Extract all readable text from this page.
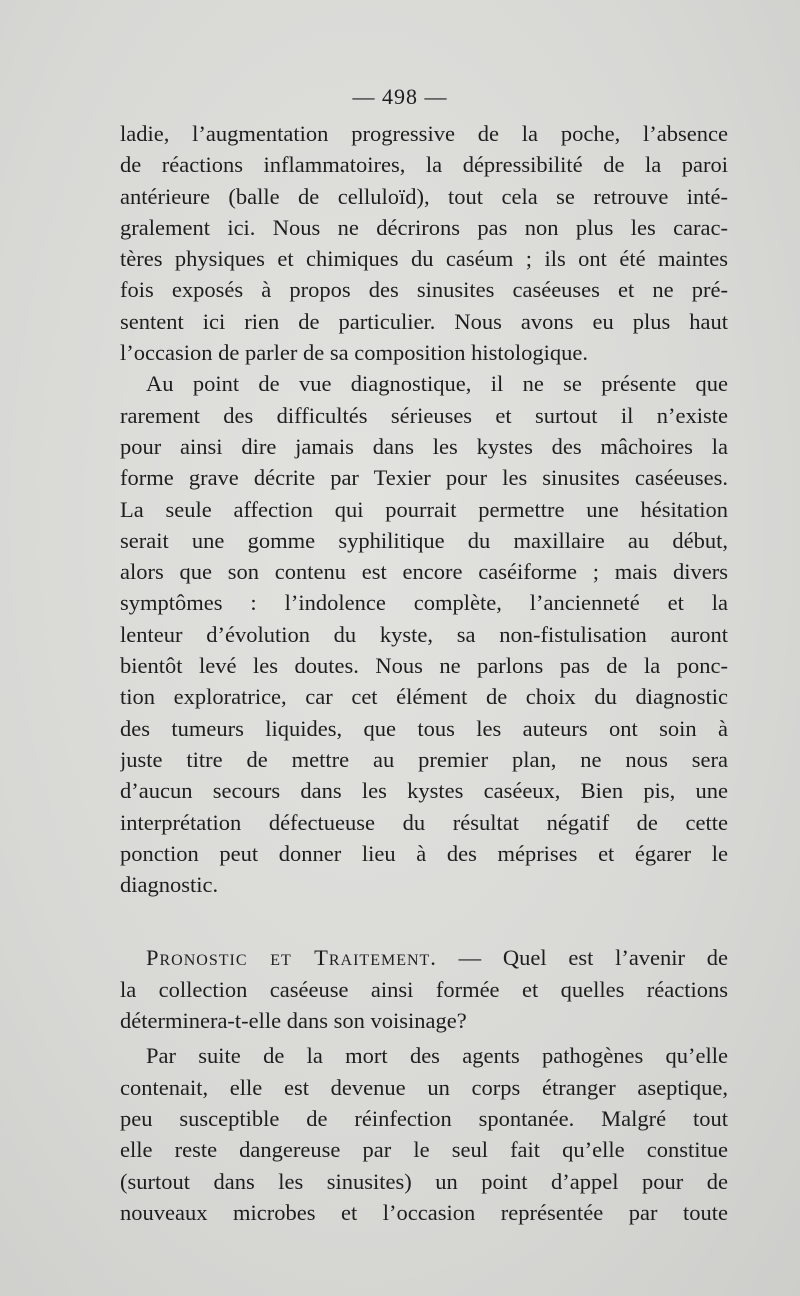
— 498 —
ladie, l’augmentation progressive de la poche, l’absence
de réactions inflammatoires, la dépressibilité de la paroi
antérieure (balle de celluloïd), tout cela se retrouve inté-
gralement ici. Nous ne décrirons pas non plus les carac-
tères physiques et chimiques du caséum ; ils ont été maintes
fois exposés à propos des sinusites caséeuses et ne pré-
sentent ici rien de particulier. Nous avons eu plus haut
l’occasion de parler de sa composition histologique.
Au point de vue diagnostique, il ne se présente que
rarement des difficultés sérieuses et surtout il n’existe
pour ainsi dire jamais dans les kystes des mâchoires la
forme grave décrite par Texier pour les sinusites caséeuses.
La seule affection qui pourrait permettre une hésitation
serait une gomme syphilitique du maxillaire au début,
alors que son contenu est encore caséiforme ; mais divers
symptômes : l’indolence complète, l’ancienneté et la
lenteur d’évolution du kyste, sa non-fistulisation auront
bientôt levé les doutes. Nous ne parlons pas de la ponc-
tion exploratrice, car cet élément de choix du diagnostic
des tumeurs liquides, que tous les auteurs ont soin à
juste titre de mettre au premier plan, ne nous sera
d’aucun secours dans les kystes caséeux, Bien pis, une
interprétation défectueuse du résultat négatif de cette
ponction peut donner lieu à des méprises et égarer le
diagnostic.
Pronostic et Traitement. — Quel est l’avenir de
la collection caséeuse ainsi formée et quelles réactions
déterminera-t-elle dans son voisinage?
Par suite de la mort des agents pathogènes qu’elle
contenait, elle est devenue un corps étranger aseptique,
peu susceptible de réinfection spontanée. Malgré tout
elle reste dangereuse par le seul fait qu’elle constitue
(surtout dans les sinusites) un point d’appel pour de
nouveaux microbes et l’occasion représentée par toute
